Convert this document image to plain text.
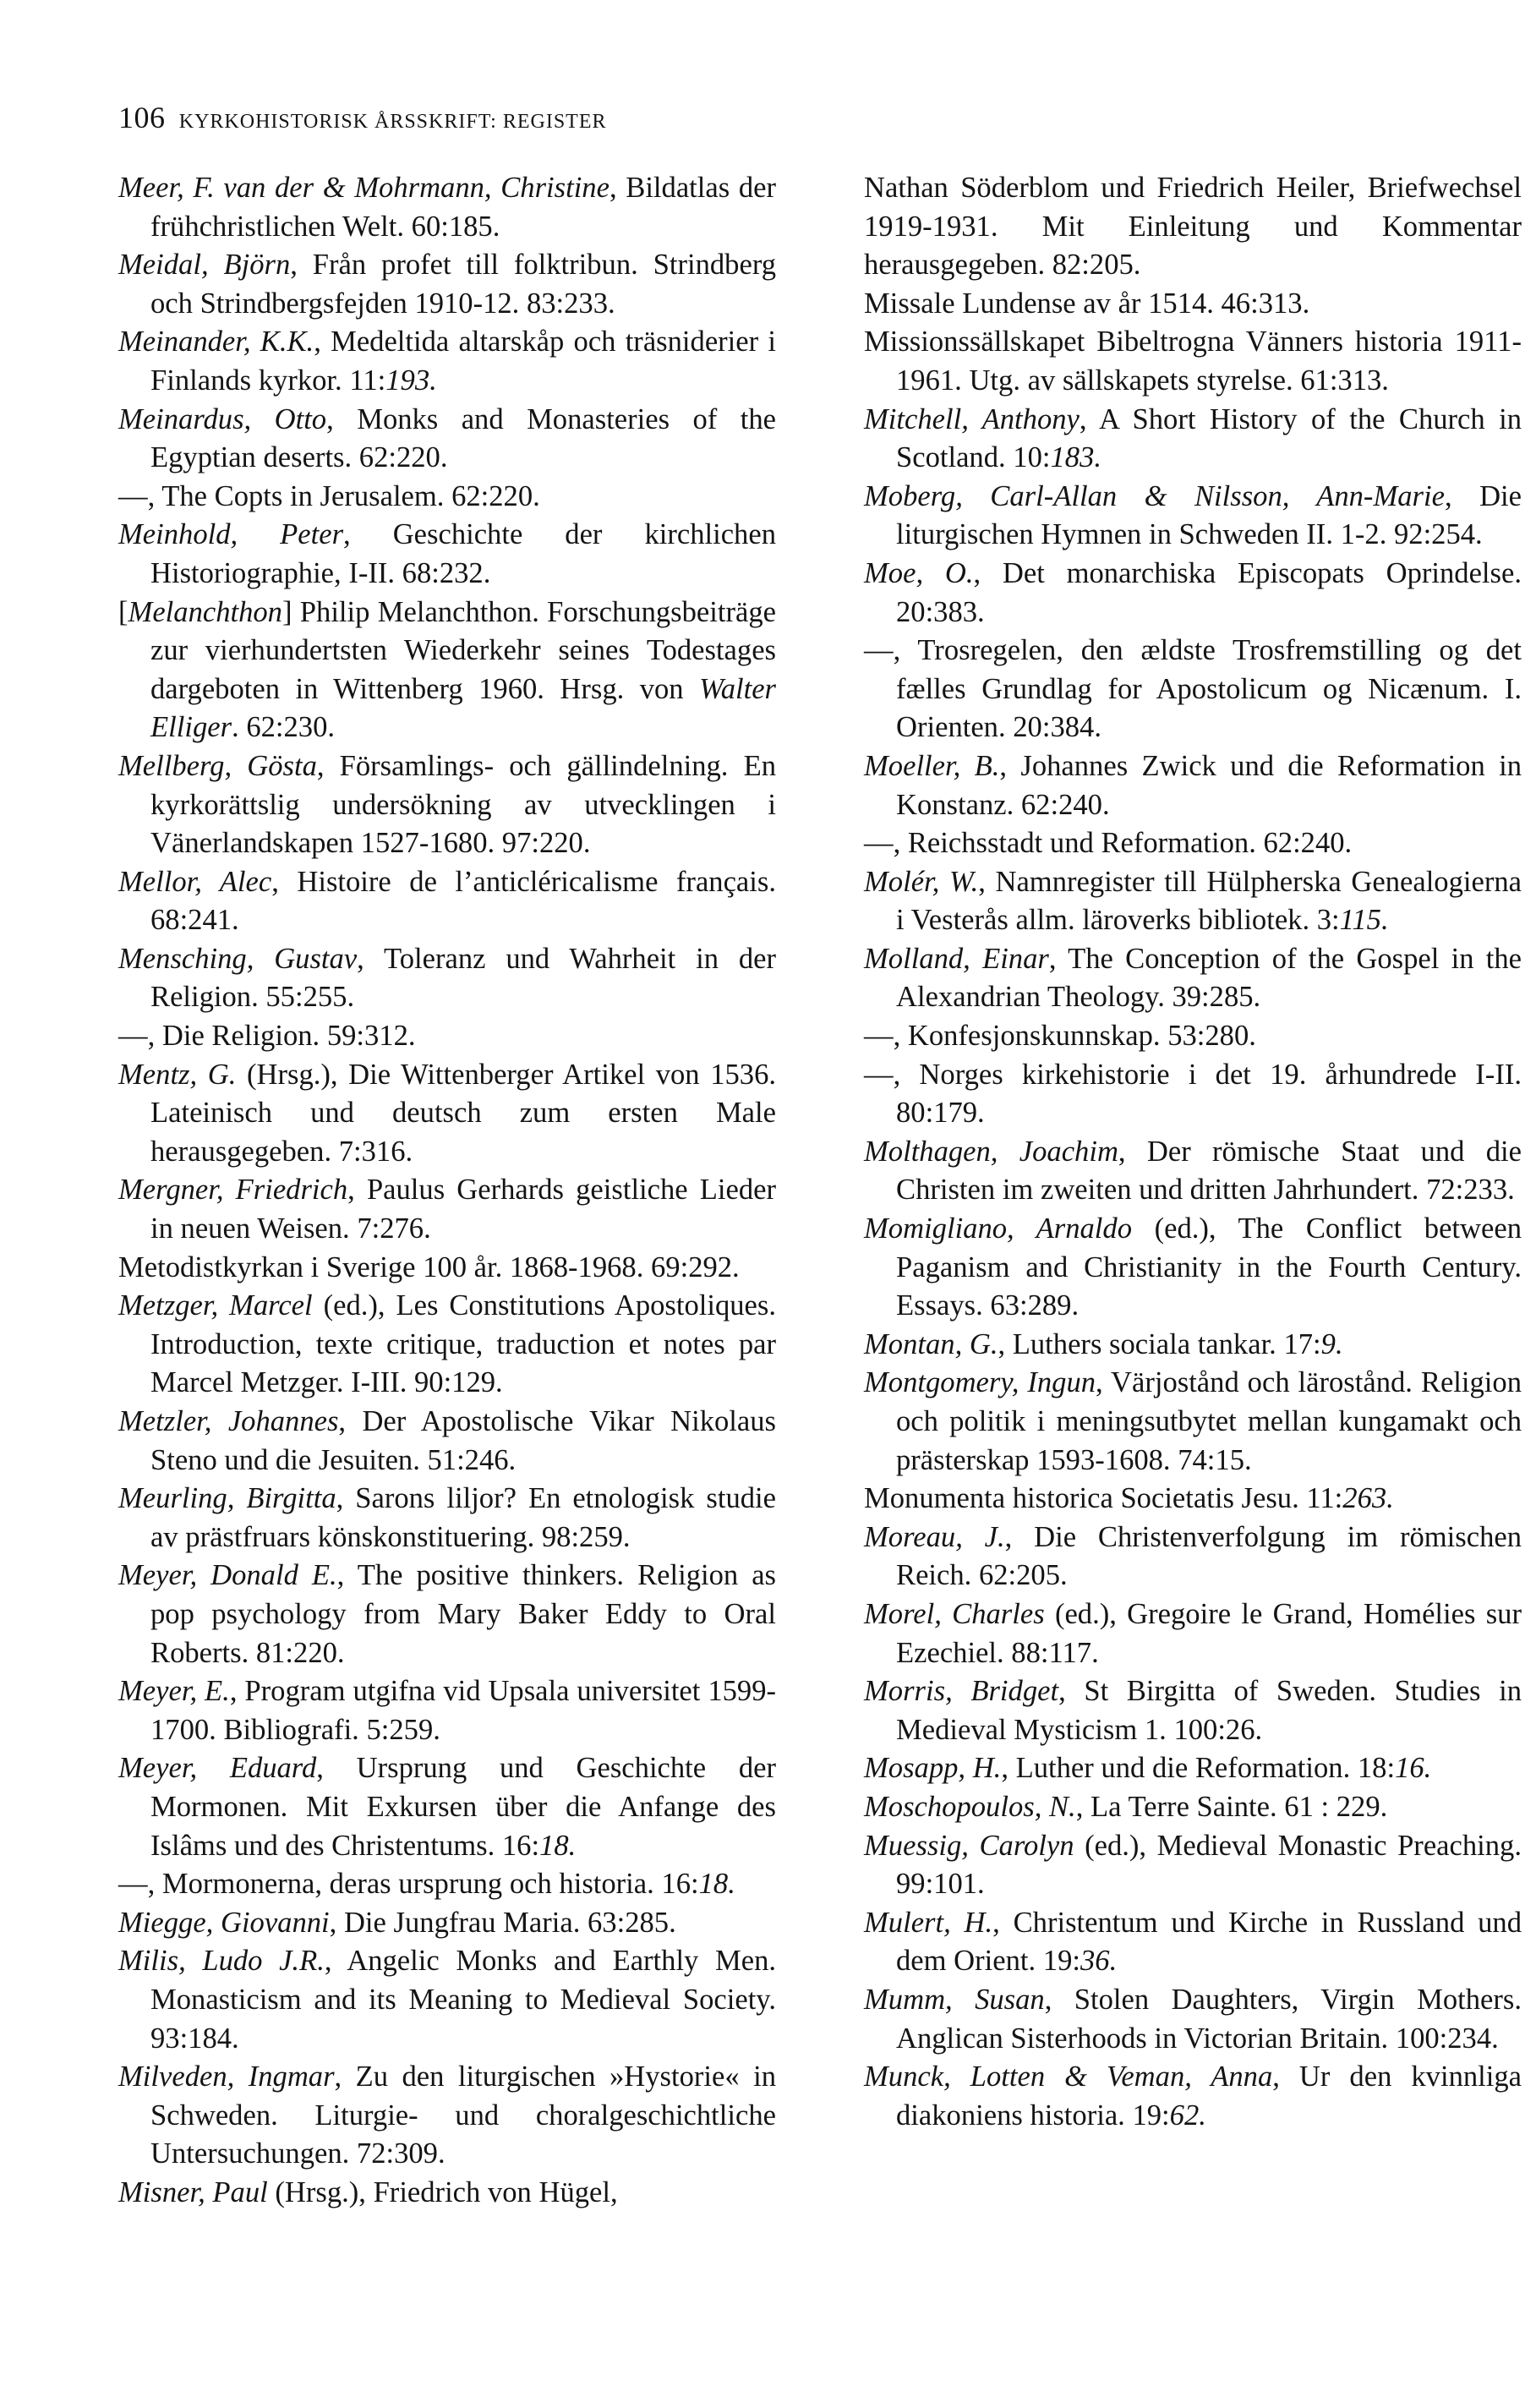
106 KYRKOHISTORISK ÅRSSKRIFT: REGISTER
Meer, F. van der & Mohrmann, Christine, Bildatlas der frühchristlichen Welt. 60:185.
Meidal, Björn, Från profet till folktribun. Strindberg och Strindbergsfejden 1910-12. 83:233.
Meinander, K.K., Medeltida altarskåp och träsniderier i Finlands kyrkor. 11:193.
Meinardus, Otto, Monks and Monasteries of the Egyptian deserts. 62:220.
—, The Copts in Jerusalem. 62:220.
Meinhold, Peter, Geschichte der kirchlichen Historiographie, I-II. 68:232.
[Melanchthon] Philip Melanchthon. Forschungsbeiträge zur vierhundertsten Wiederkehr seines Todestages dargeboten in Wittenberg 1960. Hrsg. von Walter Elliger. 62:230.
Mellberg, Gösta, Församlings- och gällindelning. En kyrkorättslig undersökning av utvecklingen i Vänerlandskapen 1527-1680. 97:220.
Mellor, Alec, Histoire de l’anticléricalisme français. 68:241.
Mensching, Gustav, Toleranz und Wahrheit in der Religion. 55:255.
—, Die Religion. 59:312.
Mentz, G. (Hrsg.), Die Wittenberger Artikel von 1536. Lateinisch und deutsch zum ersten Male herausgegeben. 7:316.
Mergner, Friedrich, Paulus Gerhards geistliche Lieder in neuen Weisen. 7:276.
Metodistkyrkan i Sverige 100 år. 1868-1968. 69:292.
Metzger, Marcel (ed.), Les Constitutions Apostoliques. Introduction, texte critique, traduction et notes par Marcel Metzger. I-III. 90:129.
Metzler, Johannes, Der Apostolische Vikar Nikolaus Steno und die Jesuiten. 51:246.
Meurling, Birgitta, Sarons liljor? En etnologisk studie av prästfruars könskonstituering. 98:259.
Meyer, Donald E., The positive thinkers. Religion as pop psychology from Mary Baker Eddy to Oral Roberts. 81:220.
Meyer, E., Program utgifna vid Upsala universitet 1599-1700. Bibliografi. 5:259.
Meyer, Eduard, Ursprung und Geschichte der Mormonen. Mit Exkursen über die Anfange des Islâms und des Christentums. 16:18.
—, Mormonerna, deras ursprung och historia. 16:18.
Miegge, Giovanni, Die Jungfrau Maria. 63:285.
Milis, Ludo J.R., Angelic Monks and Earthly Men. Monasticism and its Meaning to Medieval Society. 93:184.
Milveden, Ingmar, Zu den liturgischen »Hystorie« in Schweden. Liturgie- und choralgeschichtliche Untersuchungen. 72:309.
Misner, Paul (Hrsg.), Friedrich von Hügel,
Nathan Söderblom und Friedrich Heiler, Briefwechsel 1919-1931. Mit Einleitung und Kommentar herausgegeben. 82:205.
Missale Lundense av år 1514. 46:313.
Missionssällskapet Bibeltrogna Vänners historia 1911-1961. Utg. av sällskapets styrelse. 61:313.
Mitchell, Anthony, A Short History of the Church in Scotland. 10:183.
Moberg, Carl-Allan & Nilsson, Ann-Marie, Die liturgischen Hymnen in Schweden II. 1-2. 92:254.
Moe, O., Det monarchiska Episcopats Oprindelse. 20:383.
—, Trosregelen, den ældste Trosfremstilling og det fælles Grundlag for Apostolicum og Nicænum. I. Orienten. 20:384.
Moeller, B., Johannes Zwick und die Reformation in Konstanz. 62:240.
—, Reichsstadt und Reformation. 62:240.
Molér, W., Namnregister till Hülpherska Genealogierna i Vesterås allm. läroverks bibliotek. 3:115.
Molland, Einar, The Conception of the Gospel in the Alexandrian Theology. 39:285.
—, Konfesjonskunnskap. 53:280.
—, Norges kirkehistorie i det 19. århundrede I-II. 80:179.
Molthagen, Joachim, Der römische Staat und die Christen im zweiten und dritten Jahrhundert. 72:233.
Momigliano, Arnaldo (ed.), The Conflict between Paganism and Christianity in the Fourth Century. Essays. 63:289.
Montan, G., Luthers sociala tankar. 17:9.
Montgomery, Ingun, Värjostånd och lärostånd. Religion och politik i meningsutbytet mellan kungamakt och prästerskap 1593-1608. 74:15.
Monumenta historica Societatis Jesu. 11:263.
Moreau, J., Die Christenverfolgung im römischen Reich. 62:205.
Morel, Charles (ed.), Gregoire le Grand, Homélies sur Ezechiel. 88:117.
Morris, Bridget, St Birgitta of Sweden. Studies in Medieval Mysticism 1. 100:26.
Mosapp, H., Luther und die Reformation. 18:16.
Moschopoulos, N., La Terre Sainte. 61 : 229.
Muessig, Carolyn (ed.), Medieval Monastic Preaching. 99:101.
Mulert, H., Christentum und Kirche in Russland und dem Orient. 19:36.
Mumm, Susan, Stolen Daughters, Virgin Mothers. Anglican Sisterhoods in Victorian Britain. 100:234.
Munck, Lotten & Veman, Anna, Ur den kvinnliga diakoniens historia. 19:62.
